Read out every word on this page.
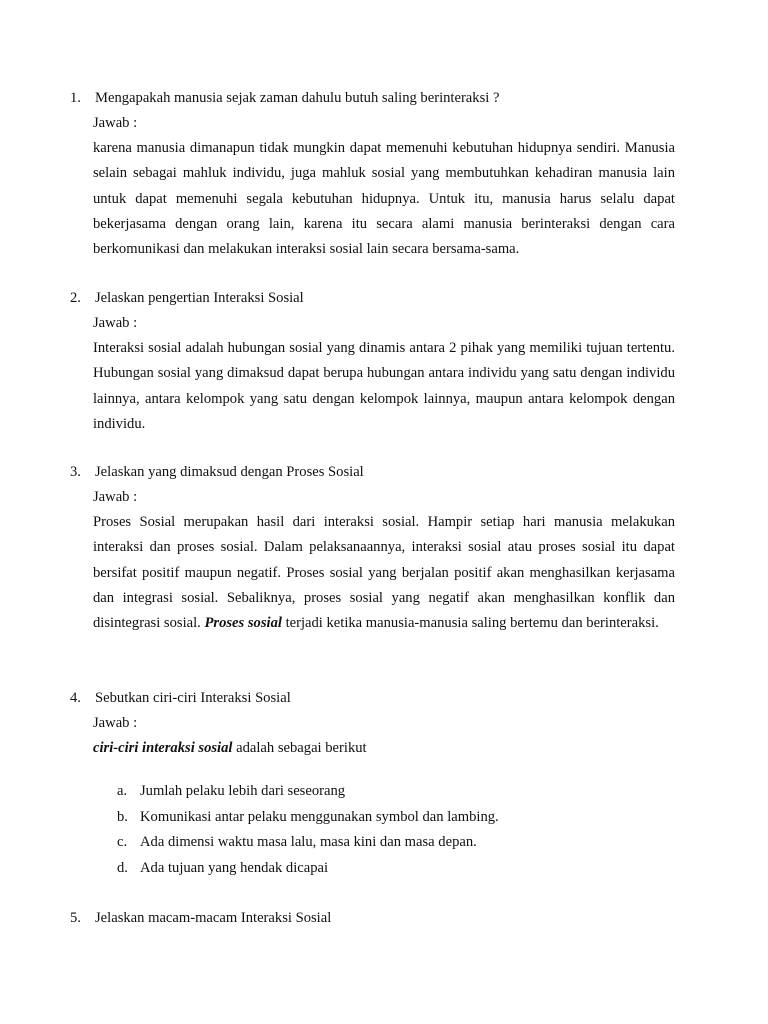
1. Mengapakah manusia sejak zaman dahulu butuh saling berinteraksi ?
Jawab :

karena manusia dimanapun tidak mungkin dapat memenuhi kebutuhan hidupnya sendiri. Manusia selain sebagai mahluk individu, juga mahluk sosial yang membutuhkan kehadiran manusia lain untuk dapat memenuhi segala kebutuhan hidupnya. Untuk itu, manusia harus selalu dapat bekerjasama dengan orang lain, karena itu secara alami manusia berinteraksi dengan cara berkomunikasi dan melakukan interaksi sosial lain secara bersama-sama.

2. Jelaskan pengertian Interaksi Sosial
Jawab :

Interaksi sosial adalah hubungan sosial yang dinamis antara 2 pihak yang memiliki tujuan tertentu. Hubungan sosial yang dimaksud dapat berupa hubungan antara individu yang satu dengan individu lainnya, antara kelompok yang satu dengan kelompok lainnya, maupun antara kelompok dengan individu.

3. Jelaskan yang dimaksud dengan Proses Sosial
Jawab :

Proses Sosial merupakan hasil dari interaksi sosial. Hampir setiap hari manusia melakukan interaksi dan proses sosial. Dalam pelaksanaannya, interaksi sosial atau proses sosial itu dapat bersifat positif maupun negatif. Proses sosial yang berjalan positif akan menghasilkan kerjasama dan integrasi sosial. Sebaliknya, proses sosial yang negatif akan menghasilkan konflik dan disintegrasi sosial. Proses sosial terjadi ketika manusia-manusia saling bertemu dan berinteraksi.

4. Sebutkan ciri-ciri Interaksi Sosial
Jawab :
ciri-ciri interaksi sosial adalah sebagai berikut
a. Jumlah pelaku lebih dari seseorang
b. Komunikasi antar pelaku menggunakan symbol dan lambing.
c. Ada dimensi waktu masa lalu, masa kini dan masa depan.
d. Ada tujuan yang hendak dicapai
5. Jelaskan macam-macam Interaksi Sosial
